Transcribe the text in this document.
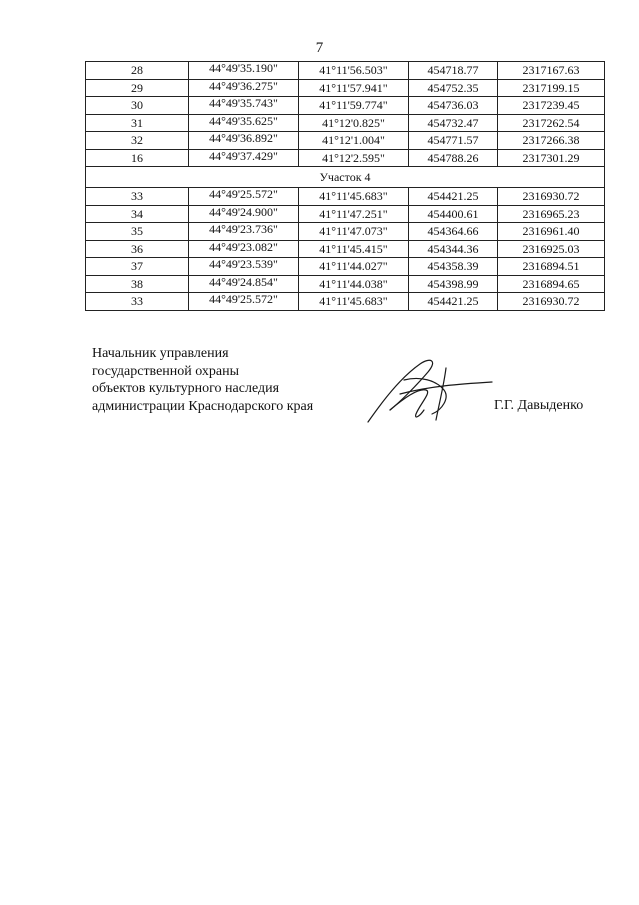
7
28	44°49'35.190"	41°11'56.503"	454718.77	2317167.63
29	44°49'36.275"	41°11'57.941"	454752.35	2317199.15
30	44°49'35.743"	41°11'59.774"	454736.03	2317239.45
31	44°49'35.625"	41°12'0.825"	454732.47	2317262.54
32	44°49'36.892"	41°12'1.004"	454771.57	2317266.38
16	44°49'37.429"	41°12'2.595"	454788.26	2317301.29
Участок 4				
33	44°49'25.572"	41°11'45.683"	454421.25	2316930.72
34	44°49'24.900"	41°11'47.251"	454400.61	2316965.23
35	44°49'23.736"	41°11'47.073"	454364.66	2316961.40
36	44°49'23.082"	41°11'45.415"	454344.36	2316925.03
37	44°49'23.539"	41°11'44.027"	454358.39	2316894.51
38	44°49'24.854"	41°11'44.038"	454398.99	2316894.65
33	44°49'25.572"	41°11'45.683"	454421.25	2316930.72
Начальник управления
государственной охраны
объектов культурного наследия
администрации Краснодарского края	Г.Г. Давыденко
